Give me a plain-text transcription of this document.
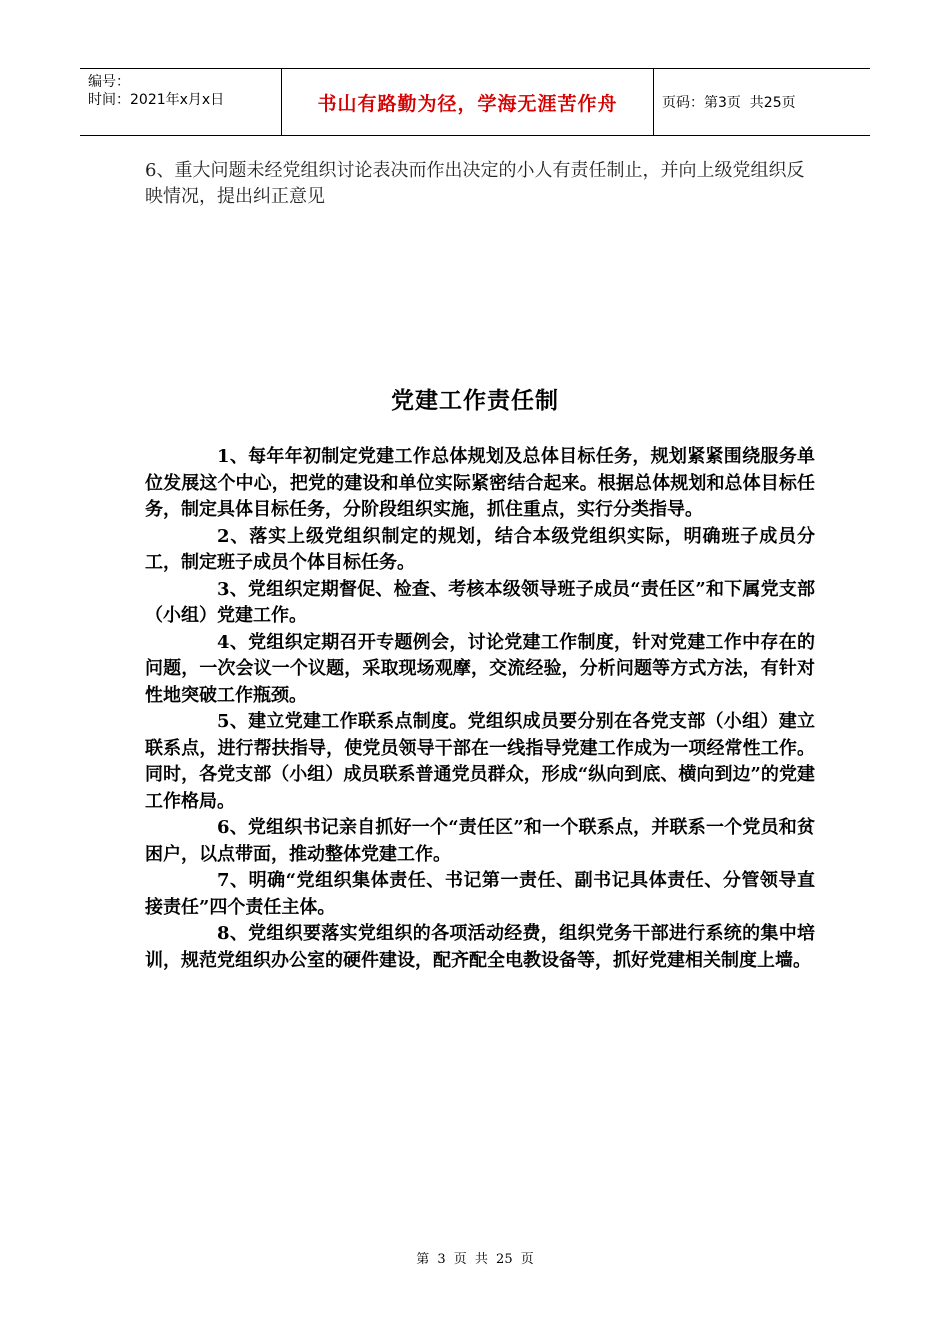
编号：
时间：2021年x月x日	书山有路勤为径，学海无涯苦作舟	页码：第3页  共25页
6、重大问题未经党组织讨论表决而作出决定的小人有责任制止，并向上级党组织反映情况，提出纠正意见
党建工作责任制

1、每年年初制定党建工作总体规划及总体目标任务，规划紧紧围绕服务单位发展这个中心，把党的建设和单位实际紧密结合起来。根据总体规划和总体目标任务，制定具体目标任务，分阶段组织实施，抓住重点，实行分类指导。

2、落实上级党组织制定的规划，结合本级党组织实际，明确班子成员分工，制定班子成员个体目标任务。

3、党组织定期督促、检查、考核本级领导班子成员“责任区”和下属党支部（小组）党建工作。

4、党组织定期召开专题例会，讨论党建工作制度，针对党建工作中存在的问题，一次会议一个议题，采取现场观摩，交流经验，分析问题等方式方法，有针对性地突破工作瓶颈。

5、建立党建工作联系点制度。党组织成员要分别在各党支部（小组）建立联系点，进行帮扶指导，使党员领导干部在一线指导党建工作成为一项经常性工作。同时，各党支部（小组）成员联系普通党员群众，形成“纵向到底、横向到边”的党建工作格局。

6、党组织书记亲自抓好一个“责任区”和一个联系点，并联系一个党员和贫困户，以点带面，推动整体党建工作。

7、明确“党组织集体责任、书记第一责任、副书记具体责任、分管领导直接责任”四个责任主体。

8、党组织要落实党组织的各项活动经费，组织党务干部进行系统的集中培训，规范党组织办公室的硬件建设，配齐配全电教设备等，抓好党建相关制度上墙。

第 3 页 共 25 页
